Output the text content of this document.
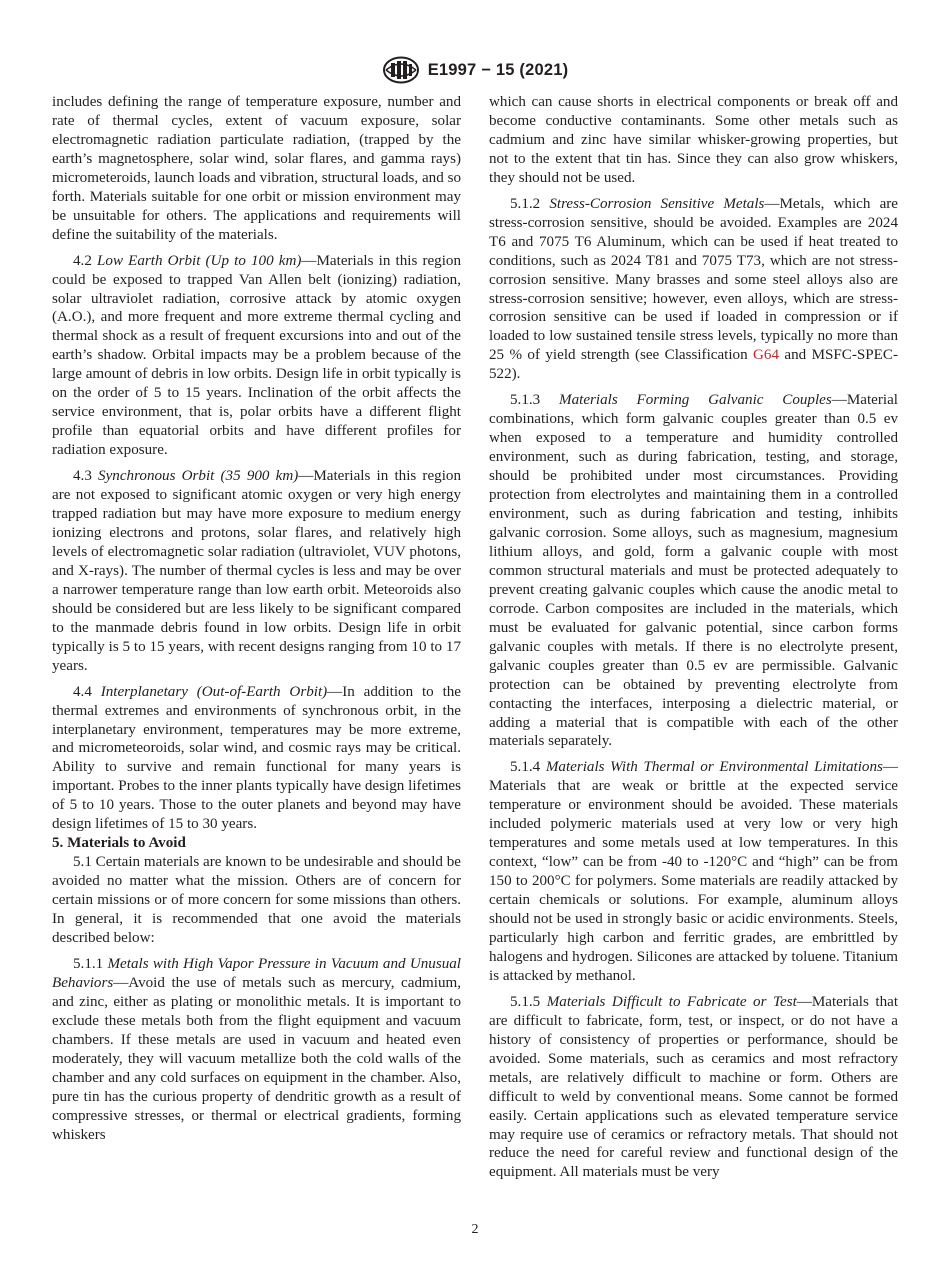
E1997 − 15 (2021)

includes defining the range of temperature exposure, number and rate of thermal cycles, extent of vacuum exposure, solar electromagnetic radiation particulate radiation, (trapped by the earth’s magnetosphere, solar wind, solar flares, and gamma rays) micrometeroids, launch loads and vibration, structural loads, and so forth. Materials suitable for one orbit or mission environment may be unsuitable for others. The applications and requirements will define the suitability of the materials.

4.2 Low Earth Orbit (Up to 100 km)—Materials in this region could be exposed to trapped Van Allen belt (ionizing) radiation, solar ultraviolet radiation, corrosive attack by atomic oxygen (A.O.), and more frequent and more extreme thermal cycling and thermal shock as a result of frequent excursions into and out of the earth’s shadow. Orbital impacts may be a problem because of the large amount of debris in low orbits. Design life in orbit typically is on the order of 5 to 15 years. Inclination of the orbit affects the service environment, that is, polar orbits have a different flight profile than equatorial orbits and have different profiles for radiation exposure.

4.3 Synchronous Orbit (35 900 km)—Materials in this region are not exposed to significant atomic oxygen or very high energy trapped radiation but may have more exposure to medium energy ionizing electrons and protons, solar flares, and relatively high levels of electromagnetic solar radiation (ultraviolet, VUV photons, and X-rays). The number of thermal cycles is less and may be over a narrower temperature range than low earth orbit. Meteoroids also should be considered but are less likely to be significant compared to the manmade debris found in low orbits. Design life in orbit typically is 5 to 15 years, with recent designs ranging from 10 to 17 years.

4.4 Interplanetary (Out-of-Earth Orbit)—In addition to the thermal extremes and environments of synchronous orbit, in the interplanetary environment, temperatures may be more extreme, and micrometeoroids, solar wind, and cosmic rays may be critical. Ability to survive and remain functional for many years is important. Probes to the inner plants typically have design lifetimes of 5 to 10 years. Those to the outer planets and beyond may have design lifetimes of 15 to 30 years.

5. Materials to Avoid

5.1 Certain materials are known to be undesirable and should be avoided no matter what the mission. Others are of concern for certain missions or of more concern for some missions than others. In general, it is recommended that one avoid the materials described below:

5.1.1 Metals with High Vapor Pressure in Vacuum and Unusual Behaviors—Avoid the use of metals such as mercury, cadmium, and zinc, either as plating or monolithic metals. It is important to exclude these metals both from the flight equipment and vacuum chambers. If these metals are used in vacuum and heated even moderately, they will vacuum metallize both the cold walls of the chamber and any cold surfaces on equipment in the chamber. Also, pure tin has the curious property of dendritic growth as a result of compressive stresses, or thermal or electrical gradients, forming whiskers

which can cause shorts in electrical components or break off and become conductive contaminants. Some other metals such as cadmium and zinc have similar whisker-growing properties, but not to the extent that tin has. Since they can also grow whiskers, they should not be used.

5.1.2 Stress-Corrosion Sensitive Metals—Metals, which are stress-corrosion sensitive, should be avoided. Examples are 2024 T6 and 7075 T6 Aluminum, which can be used if heat treated to conditions, such as 2024 T81 and 7075 T73, which are not stress-corrosion sensitive. Many brasses and some steel alloys also are stress-corrosion sensitive; however, even alloys, which are stress-corrosion sensitive can be used if loaded in compression or if loaded to low sustained tensile stress levels, typically no more than 25 % of yield strength (see Classification G64 and MSFC-SPEC-522).

5.1.3 Materials Forming Galvanic Couples—Material combinations, which form galvanic couples greater than 0.5 ev when exposed to a temperature and humidity controlled environment, such as during fabrication, testing, and storage, should be prohibited under most circumstances. Providing protection from electrolytes and maintaining them in a controlled environment, such as during fabrication and testing, inhibits galvanic corrosion. Some alloys, such as magnesium, magnesium lithium alloys, and gold, form a galvanic couple with most common structural materials and must be protected adequately to prevent creating galvanic couples which cause the anodic metal to corrode. Carbon composites are included in the materials, which must be evaluated for galvanic potential, since carbon forms galvanic couples with metals. If there is no electrolyte present, galvanic couples greater than 0.5 ev are permissible. Galvanic protection can be obtained by preventing electrolyte from contacting the interfaces, interposing a dielectric material, or adding a material that is compatible with each of the other materials separately.

5.1.4 Materials With Thermal or Environmental Limitations—Materials that are weak or brittle at the expected service temperature or environment should be avoided. These materials included polymeric materials used at very low or very high temperatures and some metals used at low temperatures. In this context, “low” can be from -40 to -120°C and “high” can be from 150 to 200°C for polymers. Some materials are readily attacked by certain chemicals or solutions. For example, aluminum alloys should not be used in strongly basic or acidic environments. Steels, particularly high carbon and ferritic grades, are embrittled by halogens and hydrogen. Silicones are attacked by toluene. Titanium is attacked by methanol.

5.1.5 Materials Difficult to Fabricate or Test—Materials that are difficult to fabricate, form, test, or inspect, or do not have a history of consistency of properties or performance, should be avoided. Some materials, such as ceramics and most refractory metals, are relatively difficult to machine or form. Others are difficult to weld by conventional means. Some cannot be formed easily. Certain applications such as elevated temperature service may require use of ceramics or refractory metals. That should not reduce the need for careful review and functional design of the equipment. All materials must be very

2
